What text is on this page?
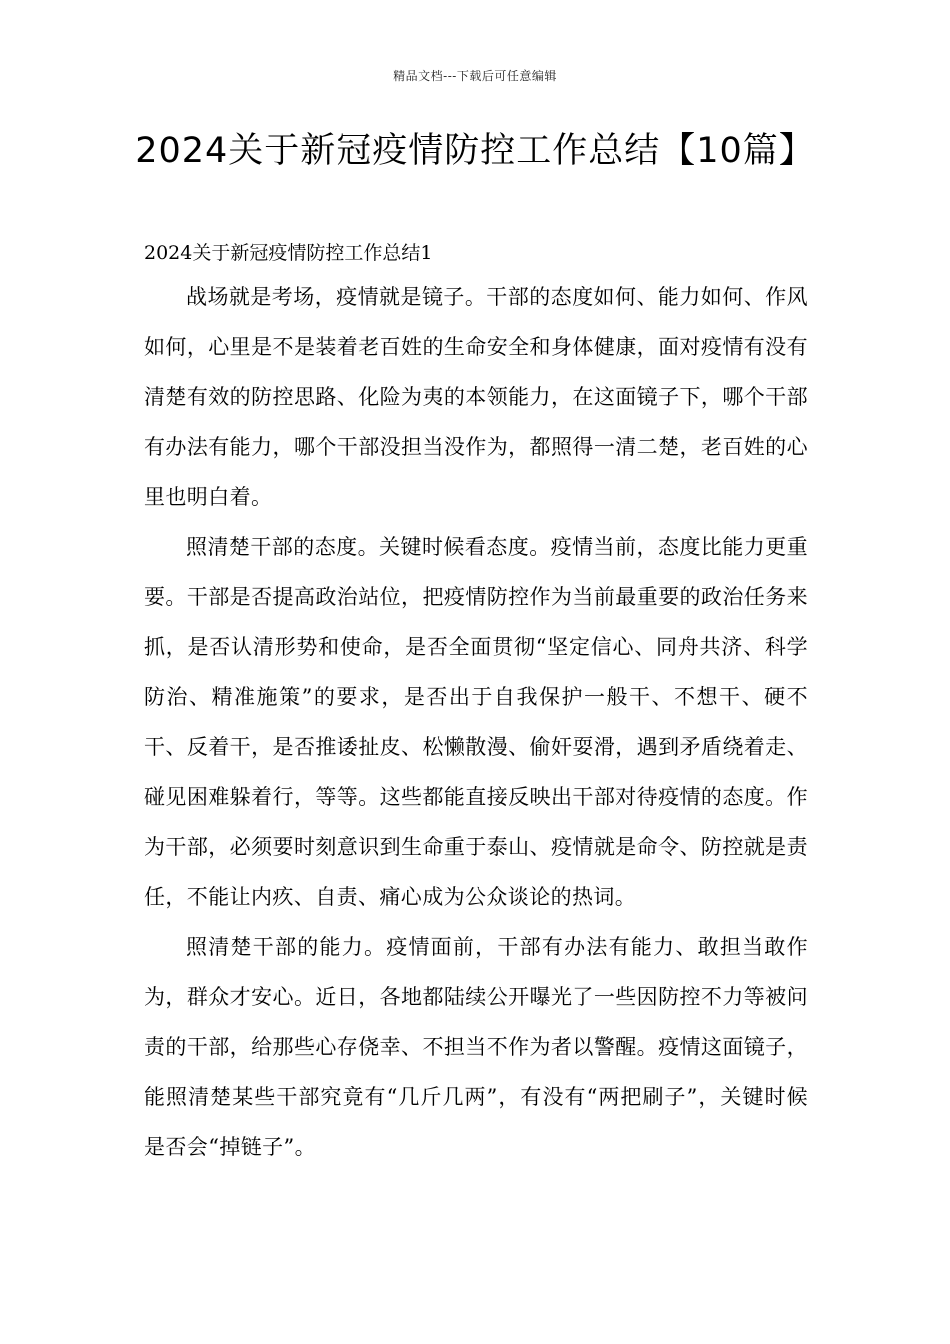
精品文档---下载后可任意编辑
2024关于新冠疫情防控工作总结【10篇】
2024关于新冠疫情防控工作总结1

战场就是考场，疫情就是镜子。干部的态度如何、能力如何、作风如何，心里是不是装着老百姓的生命安全和身体健康，面对疫情有没有清楚有效的防控思路、化险为夷的本领能力，在这面镜子下，哪个干部有办法有能力，哪个干部没担当没作为，都照得一清二楚，老百姓的心里也明白着。

照清楚干部的态度。关键时候看态度。疫情当前，态度比能力更重要。干部是否提高政治站位，把疫情防控作为当前最重要的政治任务来抓，是否认清形势和使命，是否全面贯彻“坚定信心、同舟共济、科学防治、精准施策”的要求，是否出于自我保护一般干、不想干、硬不干、反着干，是否推诿扯皮、松懒散漫、偷奸耍滑，遇到矛盾绕着走、碰见困难躲着行，等等。这些都能直接反映出干部对待疫情的态度。作为干部，必须要时刻意识到生命重于泰山、疫情就是命令、防控就是责任，不能让内疚、自责、痛心成为公众谈论的热词。

照清楚干部的能力。疫情面前，干部有办法有能力、敢担当敢作为，群众才安心。近日，各地都陆续公开曝光了一些因防控不力等被问责的干部，给那些心存侥幸、不担当不作为者以警醒。疫情这面镜子，能照清楚某些干部究竟有“几斤几两”，有没有“两把刷子”，关键时候是否会“掉链子”。
